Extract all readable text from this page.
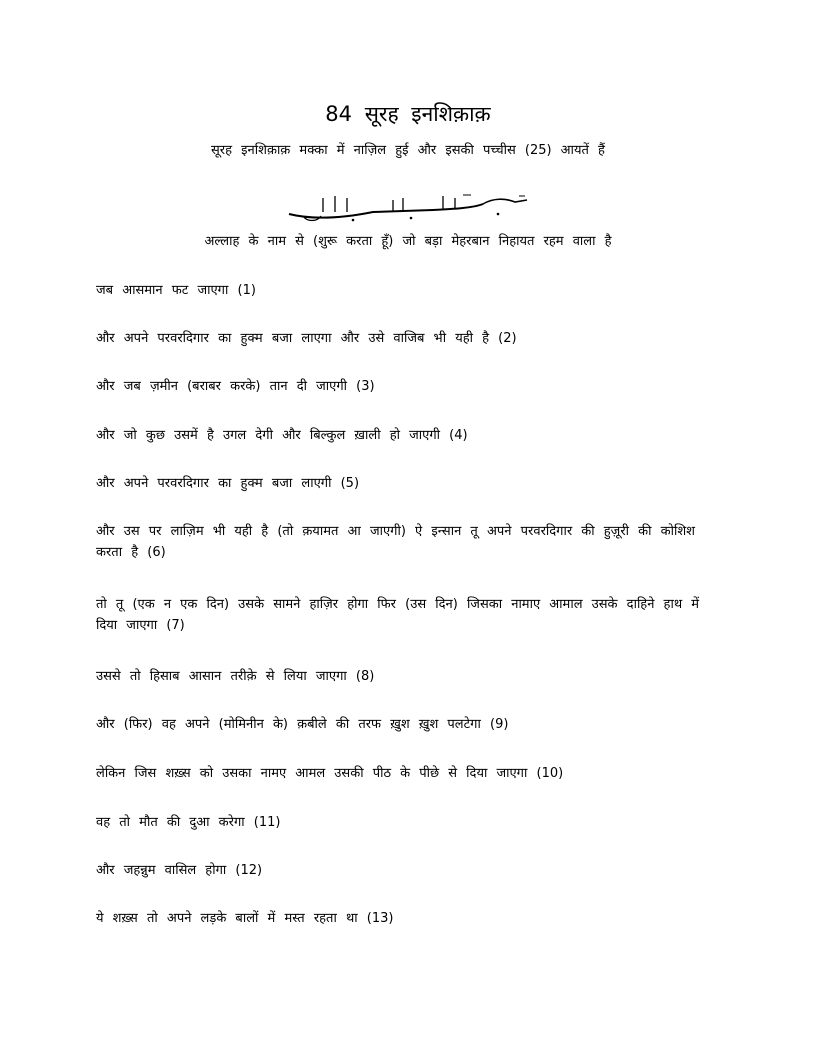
84 सूरह इनशिक़ाक़
सूरह इनशिक़ाक़ मक्का में नाज़िल हुई और इसकी पच्चीस (25) आयतें हैं
अल्लाह के नाम से (शुरू करता हूँ) जो बड़ा मेहरबान निहायत रहम वाला है

जब आसमान फट जाएगा (1)

और अपने परवरदिगार का हुक्म बजा लाएगा और उसे वाजिब भी यही है (2)

और जब ज़मीन (बराबर करके) तान दी जाएगी (3)

और जो कुछ उसमें है उगल देगी और बिल्कुल ख़ाली हो जाएगी (4)

और अपने परवरदिगार का हुक्म बजा लाएगी (5)

और उस पर लाज़िम भी यही है (तो क़यामत आ जाएगी) ऐ इन्सान तू अपने परवरदिगार की हुज़ूरी की कोशिश करता है (6)

तो तू (एक न एक दिन) उसके सामने हाज़िर होगा फिर (उस दिन) जिसका नामाए आमाल उसके दाहिने हाथ में दिया जाएगा (7)

उससे तो हिसाब आसान तरीक़े से लिया जाएगा (8)

और (फिर) वह अपने (मोमिनीन के) क़बीले की तरफ ख़ुश ख़ुश पलटेगा (9)

लेकिन जिस शख़्स को उसका नामए आमल उसकी पीठ के पीछे से दिया जाएगा (10)

वह तो मौत की दुआ करेगा (11)

और जहन्नुम वासिल होगा (12)

ये शख़्स तो अपने लड़के बालों में मस्त रहता था (13)
